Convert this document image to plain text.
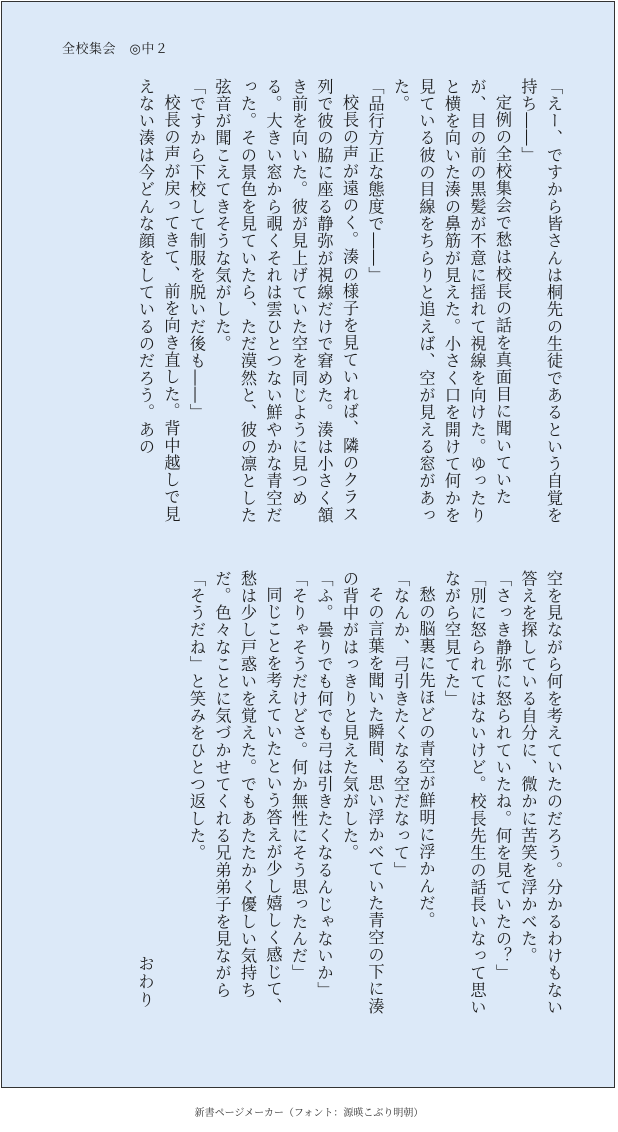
全校集会　◎中２

「えー、ですから皆さんは桐先の生徒であるという自覚を持ち――」

定例の全校集会で愁は校長の話を真面目に聞いていたが、目の前の黒髪が不意に揺れて視線を向けた。ゆったりと横を向いた湊の鼻筋が見えた。小さく口を開けて何かを見ている彼の目線をちらりと追えば、空が見える窓があった。

「品行方正な態度で――」

校長の声が遠のく。湊の様子を見ていれば、隣のクラス列で彼の脇に座る静弥が視線だけで窘めた。湊は小さく頷き前を向いた。彼が見上げていた空を同じように見つめる。大きい窓から覗くそれは雲ひとつない鮮やかな青空だった。その景色を見ていたら、ただ漠然と、彼の凛とした弦音が聞こえてきそうな気がした。

「ですから下校して制服を脱いだ後も――」

校長の声が戻ってきて、前を向き直した。背中越しで見えない湊は今どんな顔をしているのだろう。あの

空を見ながら何を考えていたのだろう。分かるわけもない答えを探している自分に、微かに苦笑を浮かべた。

「さっき静弥に怒られていたね。何を見ていたの？」

「別に怒られてはないけど。校長先生の話長いなって思いながら空見てた」

愁の脳裏に先ほどの青空が鮮明に浮かんだ。

「なんか、弓引きたくなる空だなって」

その言葉を聞いた瞬間、思い浮かべていた青空の下に湊の背中がはっきりと見えた気がした。

「ふ。曇りでも何でも弓は引きたくなるんじゃないか」

「そりゃそうだけどさ。何か無性にそう思ったんだ」

同じことを考えていたという答えが少し嬉しく感じて、愁は少し戸惑いを覚えた。でもあたたかく優しい気持ちだ。色々なことに気づかせてくれる兄弟弟子を見ながら「そうだね」と笑みをひとつ返した。

おわり

新書ページメーカー（フォント：源暎こぶり明朝）
